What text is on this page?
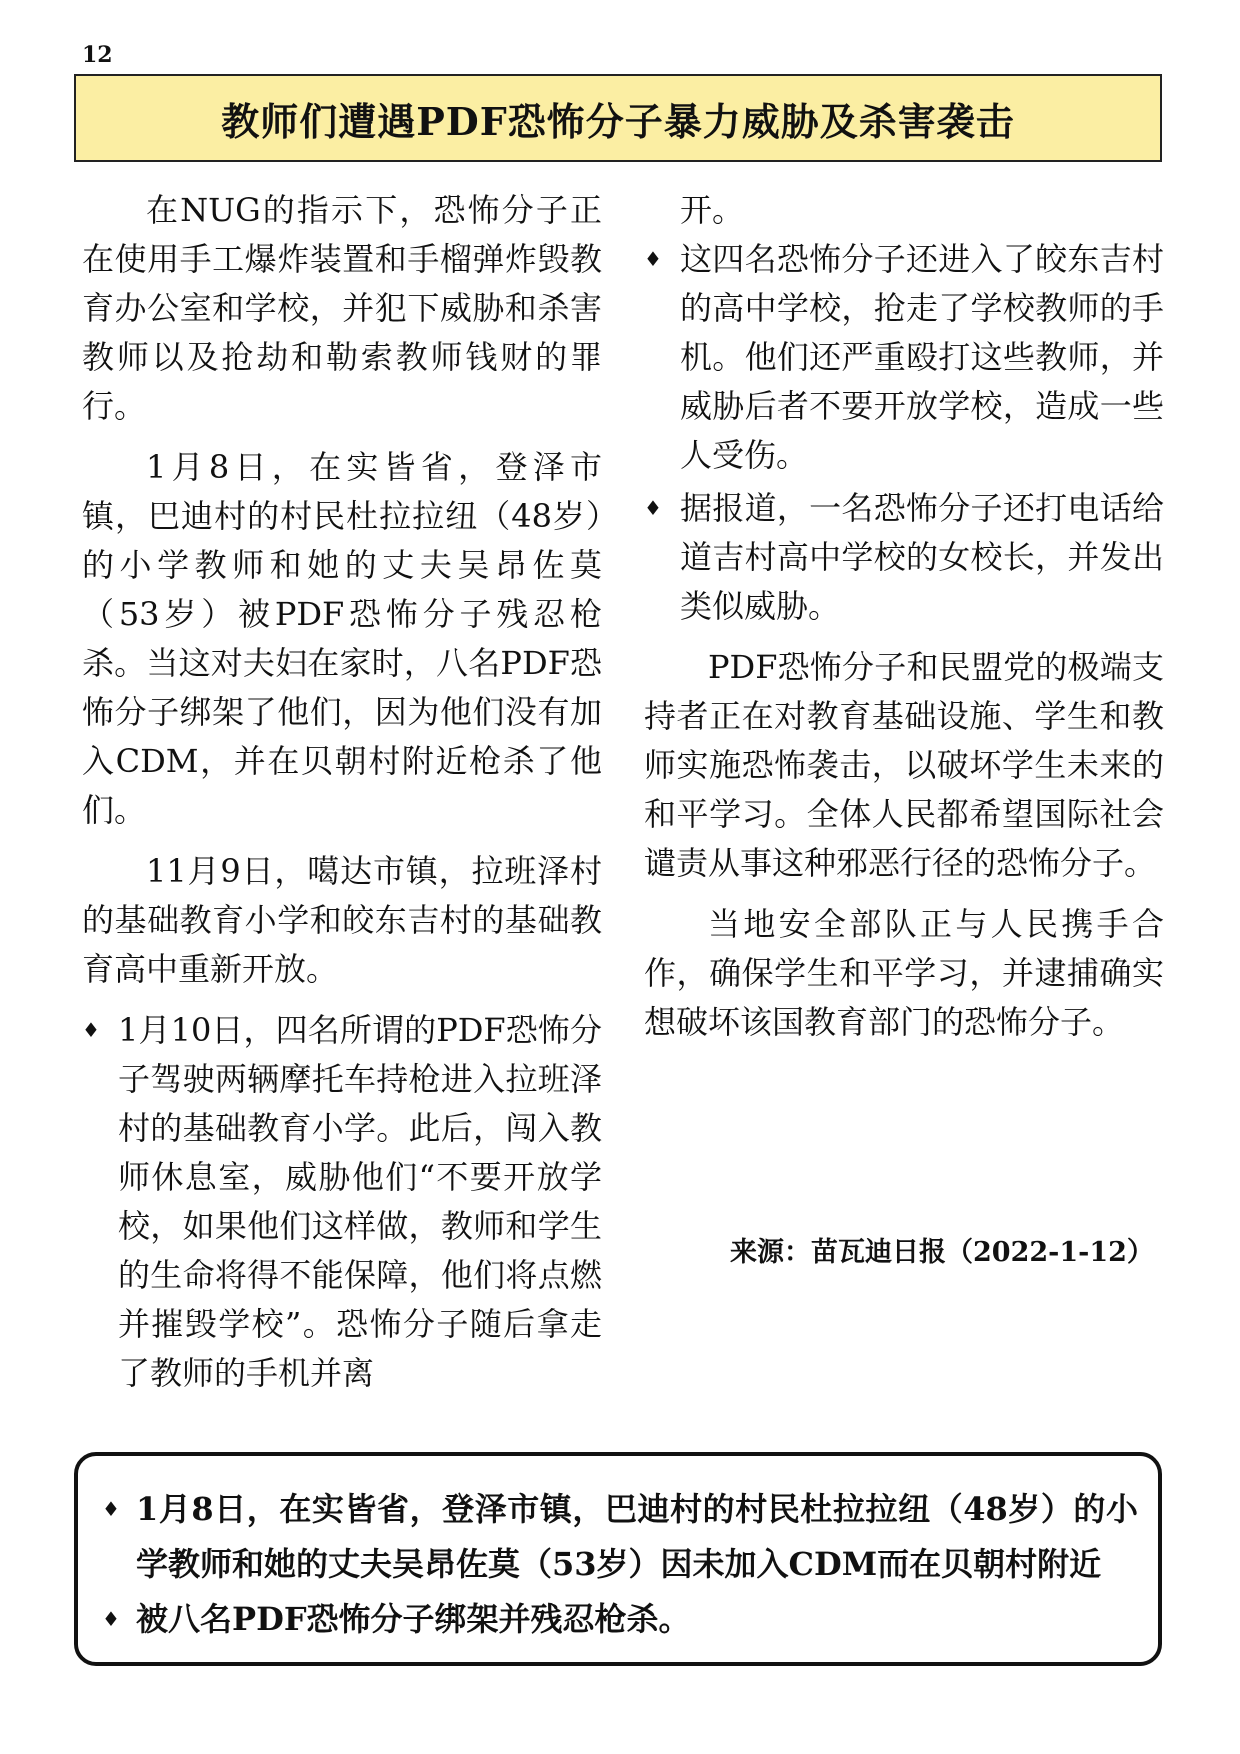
12
教师们遭遇PDF恐怖分子暴力威胁及杀害袭击

在NUG的指示下，恐怖分子正在使用手工爆炸装置和手榴弹炸毁教育办公室和学校，并犯下威胁和杀害教师以及抢劫和勒索教师钱财的罪行。

1月8日，在实皆省，登泽市镇，巴迪村的村民杜拉拉纽（48岁）的小学教师和她的丈夫吴昂佐莫（53岁）被PDF恐怖分子残忍枪杀。当这对夫妇在家时，八名PDF恐怖分子绑架了他们，因为他们没有加入CDM，并在贝朝村附近枪杀了他们。

11月9日，噶达市镇，拉班泽村的基础教育小学和皎东吉村的基础教育高中重新开放。

♦ 1月10日，四名所谓的PDF恐怖分子驾驶两辆摩托车持枪进入拉班泽村的基础教育小学。此后，闯入教师休息室，威胁他们“不要开放学校，如果他们这样做，教师和学生的生命将得不能保障，他们将点燃并摧毁学校”。恐怖分子随后拿走了教师的手机并离

开。

♦ 这四名恐怖分子还进入了皎东吉村的高中学校，抢走了学校教师的手机。他们还严重殴打这些教师，并威胁后者不要开放学校，造成一些人受伤。
♦ 据报道，一名恐怖分子还打电话给道吉村高中学校的女校长，并发出类似威胁。

PDF恐怖分子和民盟党的极端支持者正在对教育基础设施、学生和教师实施恐怖袭击，以破坏学生未来的和平学习。全体人民都希望国际社会谴责从事这种邪恶行径的恐怖分子。

当地安全部队正与人民携手合作，确保学生和平学习，并逮捕确实想破坏该国教育部门的恐怖分子。

来源：苗瓦迪日报（2022-1-12）
♦ 1月8日，在实皆省，登泽市镇，巴迪村的村民杜拉拉纽（48岁）的小学教师和她的丈夫吴昂佐莫（53岁）因未加入CDM而在贝朝村附近
♦ 被八名PDF恐怖分子绑架并残忍枪杀。
